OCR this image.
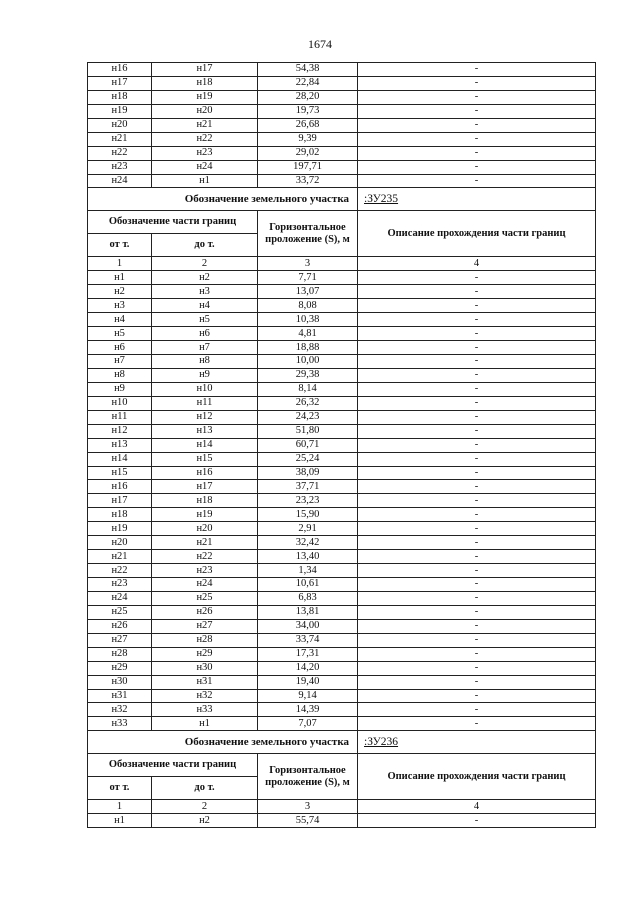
1674
н16	н17	54,38	-
н17	н18	22,84	-
н18	н19	28,20	-
н19	н20	19,73	-
н20	н21	26,68	-
н21	н22	9,39	-
н22	н23	29,02	-
н23	н24	197,71	-
н24	н1	33,72	-
Обозначение земельного участка			:ЗУ235
Обозначение части границ		Горизонтальное проложение (S), м	Описание прохождения части границ
от т.	до т.		
1	2	3	4
н1	н2	7,71	-
н2	н3	13,07	-
н3	н4	8,08	-
н4	н5	10,38	-
н5	н6	4,81	-
н6	н7	18,88	-
н7	н8	10,00	-
н8	н9	29,38	-
н9	н10	8,14	-
н10	н11	26,32	-
н11	н12	24,23	-
н12	н13	51,80	-
н13	н14	60,71	-
н14	н15	25,24	-
н15	н16	38,09	-
н16	н17	37,71	-
н17	н18	23,23	-
н18	н19	15,90	-
н19	н20	2,91	-
н20	н21	32,42	-
н21	н22	13,40	-
н22	н23	1,34	-
н23	н24	10,61	-
н24	н25	6,83	-
н25	н26	13,81	-
н26	н27	34,00	-
н27	н28	33,74	-
н28	н29	17,31	-
н29	н30	14,20	-
н30	н31	19,40	-
н31	н32	9,14	-
н32	н33	14,39	-
н33	н1	7,07	-
Обозначение земельного участка			:ЗУ236
Обозначение части границ		Горизонтальное проложение (S), м	Описание прохождения части границ
от т.	до т.		
1	2	3	4
н1	н2	55,74	-
